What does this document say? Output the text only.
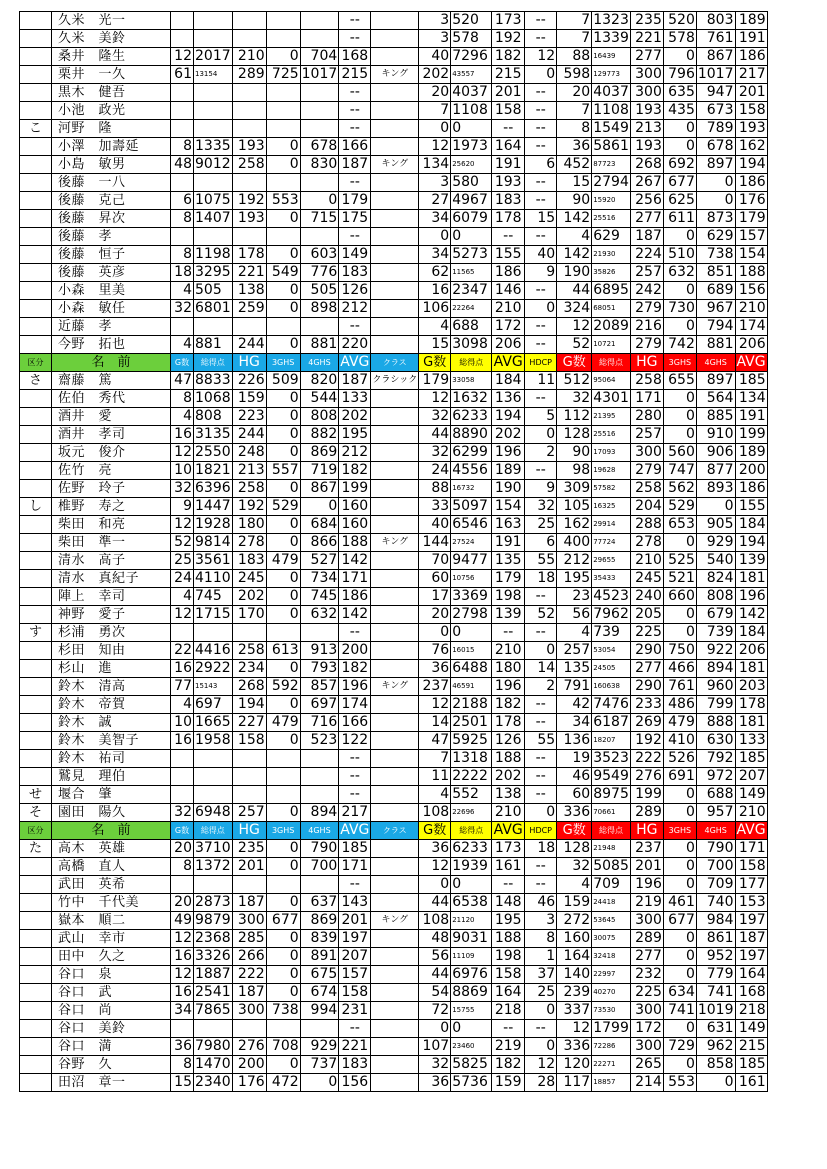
	久米　光一						--		3	520	173	--	7	1323	235	520	803	189
	久米　美鈴						--		3	578	192	--	7	1339	221	578	761	191
	桑井　隆生	12	2017	210	0	704	168		40	7296	182	12	88	16439	277	0	867	186
	栗井　一久	61	13154	289	725	1017	215	キング	202	43557	215	0	598	129773	300	796	1017	217
	黒木　健吾						--		20	4037	201	--	20	4037	300	635	947	201
	小池　政光						--		7	1108	158	--	7	1108	193	435	673	158
こ	河野　隆						--		0	0	--	--	8	1549	213	0	789	193
	小澤　加壽延	8	1335	193	0	678	166		12	1973	164	--	36	5861	193	0	678	162
	小島　敏男	48	9012	258	0	830	187	キング	134	25620	191	6	452	87723	268	692	897	194
	後藤　一八						--		3	580	193	--	15	2794	267	677	0	186
	後藤　克己	6	1075	192	553	0	179		27	4967	183	--	90	15920	256	625	0	176
	後藤　昇次	8	1407	193	0	715	175		34	6079	178	15	142	25516	277	611	873	179
	後藤　孝						--		0	0	--	--	4	629	187	0	629	157
	後藤　恒子	8	1198	178	0	603	149		34	5273	155	40	142	21930	224	510	738	154
	後藤　英彦	18	3295	221	549	776	183		62	11565	186	9	190	35826	257	632	851	188
	小森　里美	4	505	138	0	505	126		16	2347	146	--	44	6895	242	0	689	156
	小森　敏任	32	6801	259	0	898	212		106	22264	210	0	324	68051	279	730	967	210
	近藤　孝						--		4	688	172	--	12	2089	216	0	794	174
	今野　拓也	4	881	244	0	881	220		15	3098	206	--	52	10721	279	742	881	206
区分	名　前	G数	総得点	HG	3GHS	4GHS	AVG	クラス	G数	総得点	AVG	HDCP	G数	総得点	HG	3GHS	4GHS	AVG
さ	齋藤　篤	47	8833	226	509	820	187	クラシック	179	33058	184	11	512	95064	258	655	897	185
	佐伯　秀代	8	1068	159	0	544	133		12	1632	136	--	32	4301	171	0	564	134
	酒井　愛	4	808	223	0	808	202		32	6233	194	5	112	21395	280	0	885	191
	酒井　孝司	16	3135	244	0	882	195		44	8890	202	0	128	25516	257	0	910	199
	坂元　俊介	12	2550	248	0	869	212		32	6299	196	2	90	17093	300	560	906	189
	佐竹　亮	10	1821	213	557	719	182		24	4556	189	--	98	19628	279	747	877	200
	佐野　玲子	32	6396	258	0	867	199		88	16732	190	9	309	57582	258	562	893	186
し	椎野　寿之	9	1447	192	529	0	160		33	5097	154	32	105	16325	204	529	0	155
	柴田　和亮	12	1928	180	0	684	160		40	6546	163	25	162	29914	288	653	905	184
	柴田　準一	52	9814	278	0	866	188	キング	144	27524	191	6	400	77724	278	0	929	194
	清水　高子	25	3561	183	479	527	142		70	9477	135	55	212	29655	210	525	540	139
	清水　真紀子	24	4110	245	0	734	171		60	10756	179	18	195	35433	245	521	824	181
	陣上　幸司	4	745	202	0	745	186		17	3369	198	--	23	4523	240	660	808	196
	神野　愛子	12	1715	170	0	632	142		20	2798	139	52	56	7962	205	0	679	142
す	杉浦　勇次						--		0	0	--	--	4	739	225	0	739	184
	杉田　知由	22	4416	258	613	913	200		76	16015	210	0	257	53054	290	750	922	206
	杉山　進	16	2922	234	0	793	182		36	6488	180	14	135	24505	277	466	894	181
	鈴木　清高	77	15143	268	592	857	196	キング	237	46591	196	2	791	160638	290	761	960	203
	鈴木　帝賀	4	697	194	0	697	174		12	2188	182	--	42	7476	233	486	799	178
	鈴木　誠	10	1665	227	479	716	166		14	2501	178	--	34	6187	269	479	888	181
	鈴木　美智子	16	1958	158	0	523	122		47	5925	126	55	136	18207	192	410	630	133
	鈴木　祐司						--		7	1318	188	--	19	3523	222	526	792	185
	鷲見　理伯						--		11	2222	202	--	46	9549	276	691	972	207
せ	堰合　肇						--		4	552	138	--	60	8975	199	0	688	149
そ	園田　陽久	32	6948	257	0	894	217		108	22696	210	0	336	70661	289	0	957	210
区分	名　前	G数	総得点	HG	3GHS	4GHS	AVG	クラス	G数	総得点	AVG	HDCP	G数	総得点	HG	3GHS	4GHS	AVG
た	高木　英雄	20	3710	235	0	790	185		36	6233	173	18	128	21948	237	0	790	171
	高橋　直人	8	1372	201	0	700	171		12	1939	161	--	32	5085	201	0	700	158
	武田　英希						--		0	0	--	--	4	709	196	0	709	177
	竹中　千代美	20	2873	187	0	637	143		44	6538	148	46	159	24418	219	461	740	153
	嶽本　順二	49	9879	300	677	869	201	キング	108	21120	195	3	272	53645	300	677	984	197
	武山　幸市	12	2368	285	0	839	197		48	9031	188	8	160	30075	289	0	861	187
	田中　久之	16	3326	266	0	891	207		56	11109	198	1	164	32418	277	0	952	197
	谷口　泉	12	1887	222	0	675	157		44	6976	158	37	140	22997	232	0	779	164
	谷口　武	16	2541	187	0	674	158		54	8869	164	25	239	40270	225	634	741	168
	谷口　尚	34	7865	300	738	994	231		72	15755	218	0	337	73530	300	741	1019	218
	谷口　美鈴						--		0	0	--	--	12	1799	172	0	631	149
	谷口　満	36	7980	276	708	929	221		107	23460	219	0	336	72286	300	729	962	215
	谷野　久	8	1470	200	0	737	183		32	5825	182	12	120	22271	265	0	858	185
	田沼　章一	15	2340	176	472	0	156		36	5736	159	28	117	18857	214	553	0	161
